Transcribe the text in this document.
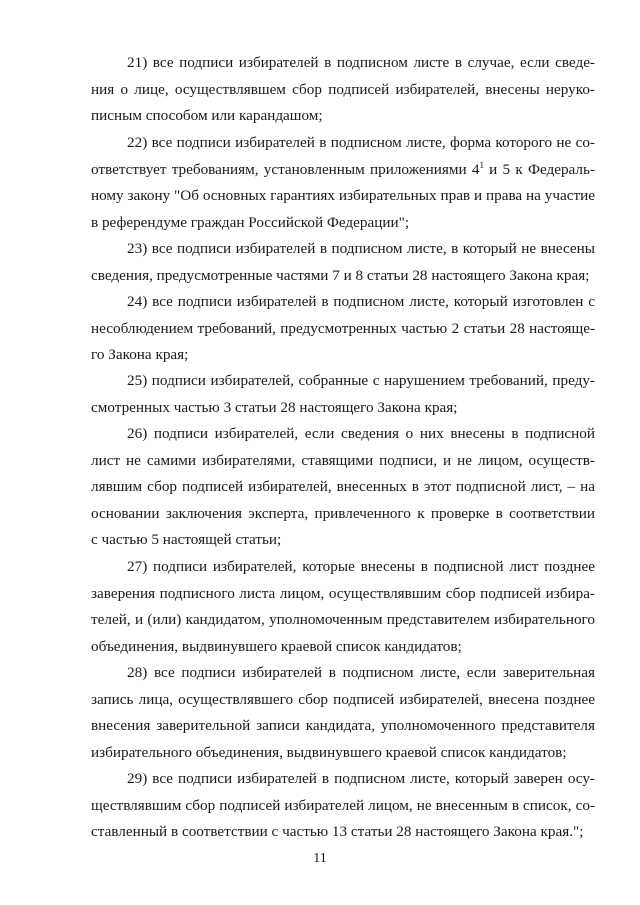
21) все подписи избирателей в подписном листе в случае, если сведе-
ния о лице, осуществлявшем сбор подписей избирателей, внесены неруко-
писным способом или карандашом;
22) все подписи избирателей в подписном листе, форма которого не со-
ответствует требованиям, установленным приложениями $4^1$ и 5 к Федераль-
ному закону "Об основных гарантиях избирательных прав и права на участие
в референдуме граждан Российской Федерации";
23) все подписи избирателей в подписном листе, в который не внесены
сведения, предусмотренные частями 7 и 8 статьи 28 настоящего Закона края;
24) все подписи избирателей в подписном листе, который изготовлен с
несоблюдением требований, предусмотренных частью 2 статьи 28 настояще-
го Закона края;
25) подписи избирателей, собранные с нарушением требований, преду-
смотренных частью 3 статьи 28 настоящего Закона края;
26) подписи избирателей, если сведения о них внесены в подписной
лист не самими избирателями, ставящими подписи, и не лицом, осуществ-
лявшим сбор подписей избирателей, внесенных в этот подписной лист, – на
основании заключения эксперта, привлеченного к проверке в соответствии
с частью 5 настоящей статьи;
27) подписи избирателей, которые внесены в подписной лист позднее
заверения подписного листа лицом, осуществлявшим сбор подписей избира-
телей, и (или) кандидатом, уполномоченным представителем избирательного
объединения, выдвинувшего краевой список кандидатов;
28) все подписи избирателей в подписном листе, если заверительная
запись лица, осуществлявшего сбор подписей избирателей, внесена позднее
внесения заверительной записи кандидата, уполномоченного представителя
избирательного объединения, выдвинувшего краевой список кандидатов;
29) все подписи избирателей в подписном листе, который заверен осу-
ществлявшим сбор подписей избирателей лицом, не внесенным в список, со-
ставленный в соответствии с частью 13 статьи 28 настоящего Закона края.";
11
